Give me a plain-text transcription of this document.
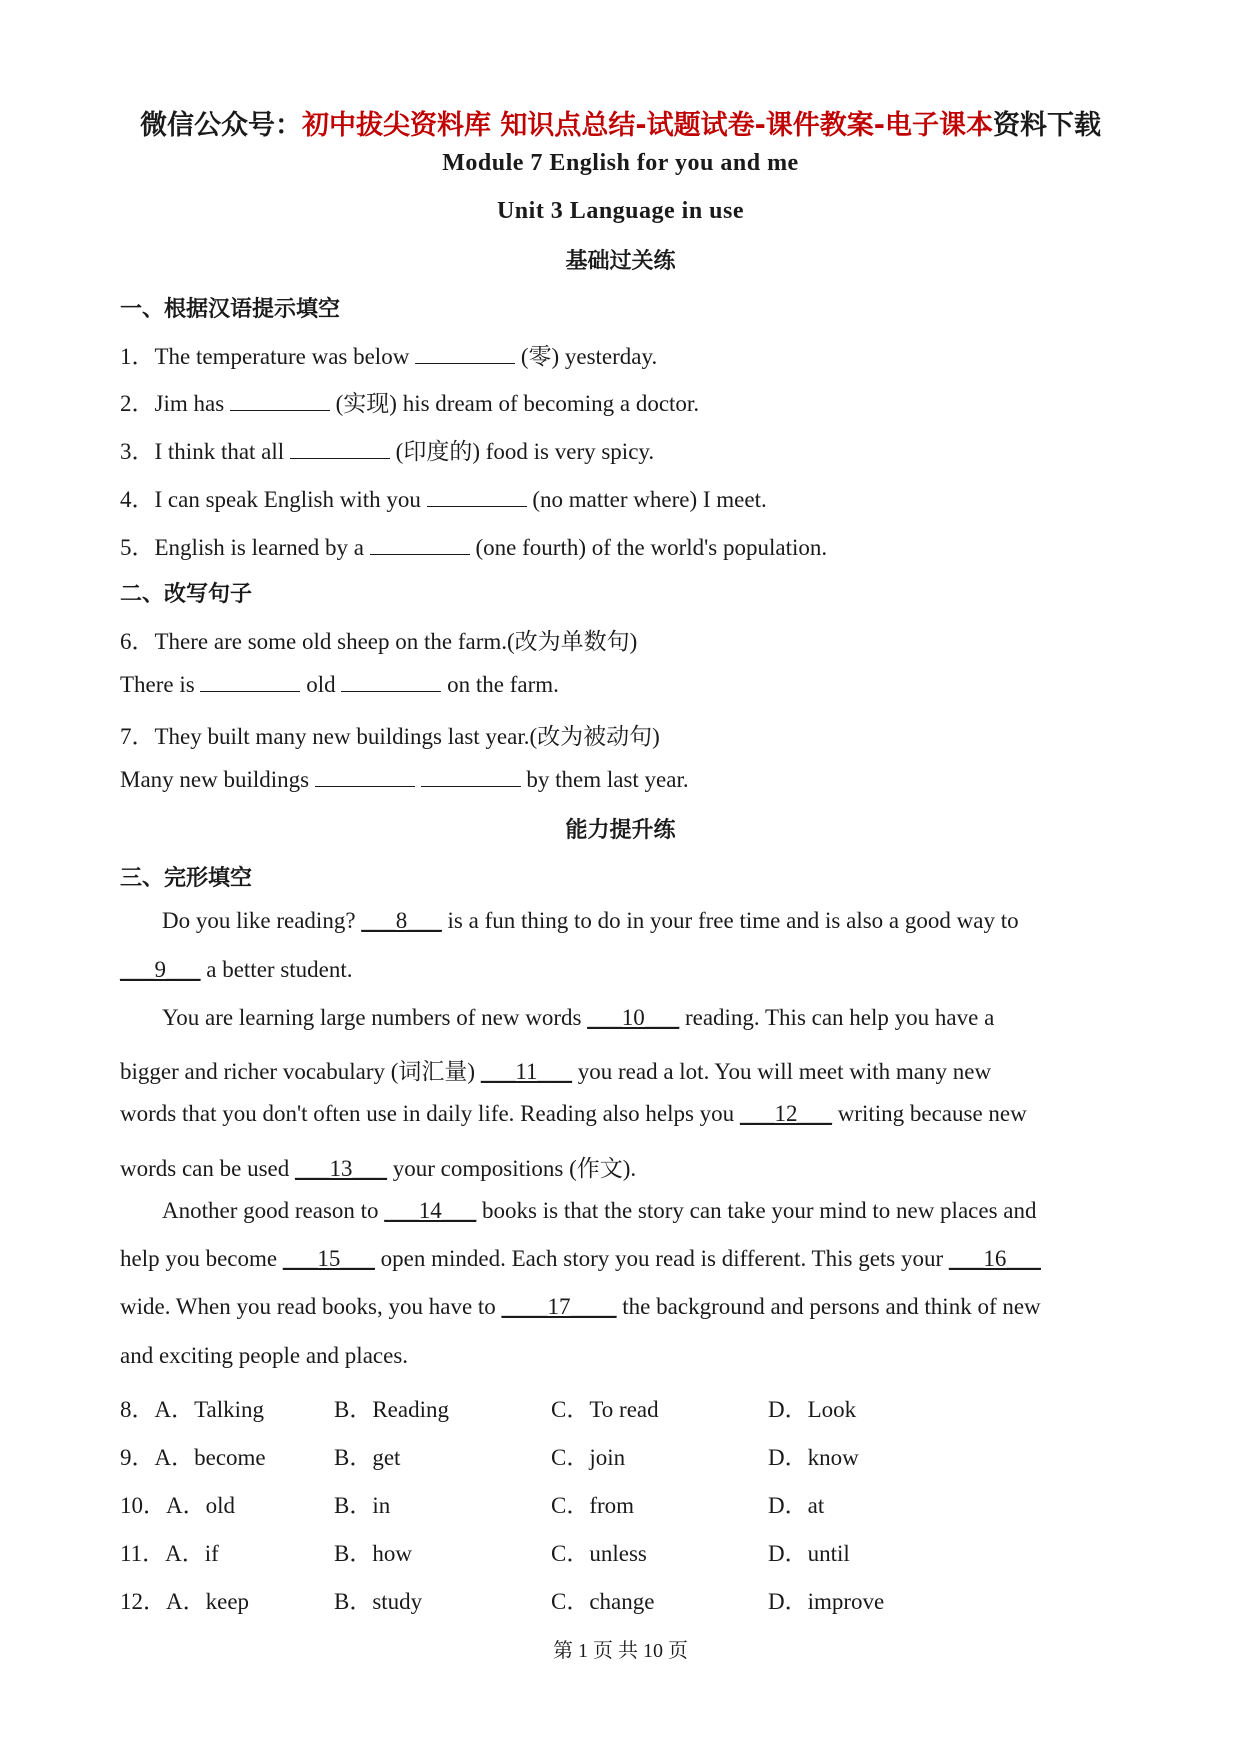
微信公众号：初中拔尖资料库 知识点总结-试题试卷-课件教案-电子课本资料下载
Module 7 English for you and me
Unit 3 Language in use
基础过关练
一、根据汉语提示填空
1．The temperature was below	(零) yesterday.
2．Jim has	(实现) his dream of becoming a doctor.
3．I think that all	(印度的) food is very spicy.
4．I can speak English with you	(no matter where) I meet.
5．English is learned by a	(one fourth) of the world's population.
二、改写句子
6．There are some old sheep on the farm.(改为单数句)
There is	old	on the farm.
7．They built many new buildings last year.(改为被动句)
Many new buildings	by them last year.
能力提升练
三、完形填空
Do you like reading? ___8___ is a fun thing to do in your free time and is also a good way to
___9___ a better student.
You are learning large numbers of new words ___10___ reading. This can help you have a
bigger and richer vocabulary (词汇量) ___11___ you read a lot. You will meet with many new
words that you don't often use in daily life. Reading also helps you ___12___ writing because new
words can be used ___13___ your compositions (作文).
Another good reason to ___14___ books is that the story can take your mind to new places and
help you become ___15___ open minded. Each story you read is different. This gets your ___16___
wide. When you read books, you have to ____17____ the background and persons and think of new
and exciting people and places.
8．A．Talking	B．Reading	C．To read	D．Look
9．A．become	B．get	C．join	D．know
10．A．old	B．in	C．from	D．at
11．A．if	B．how	C．unless	D．until
12．A．keep	B．study	C．change	D．improve
第 1 页 共 10 页
